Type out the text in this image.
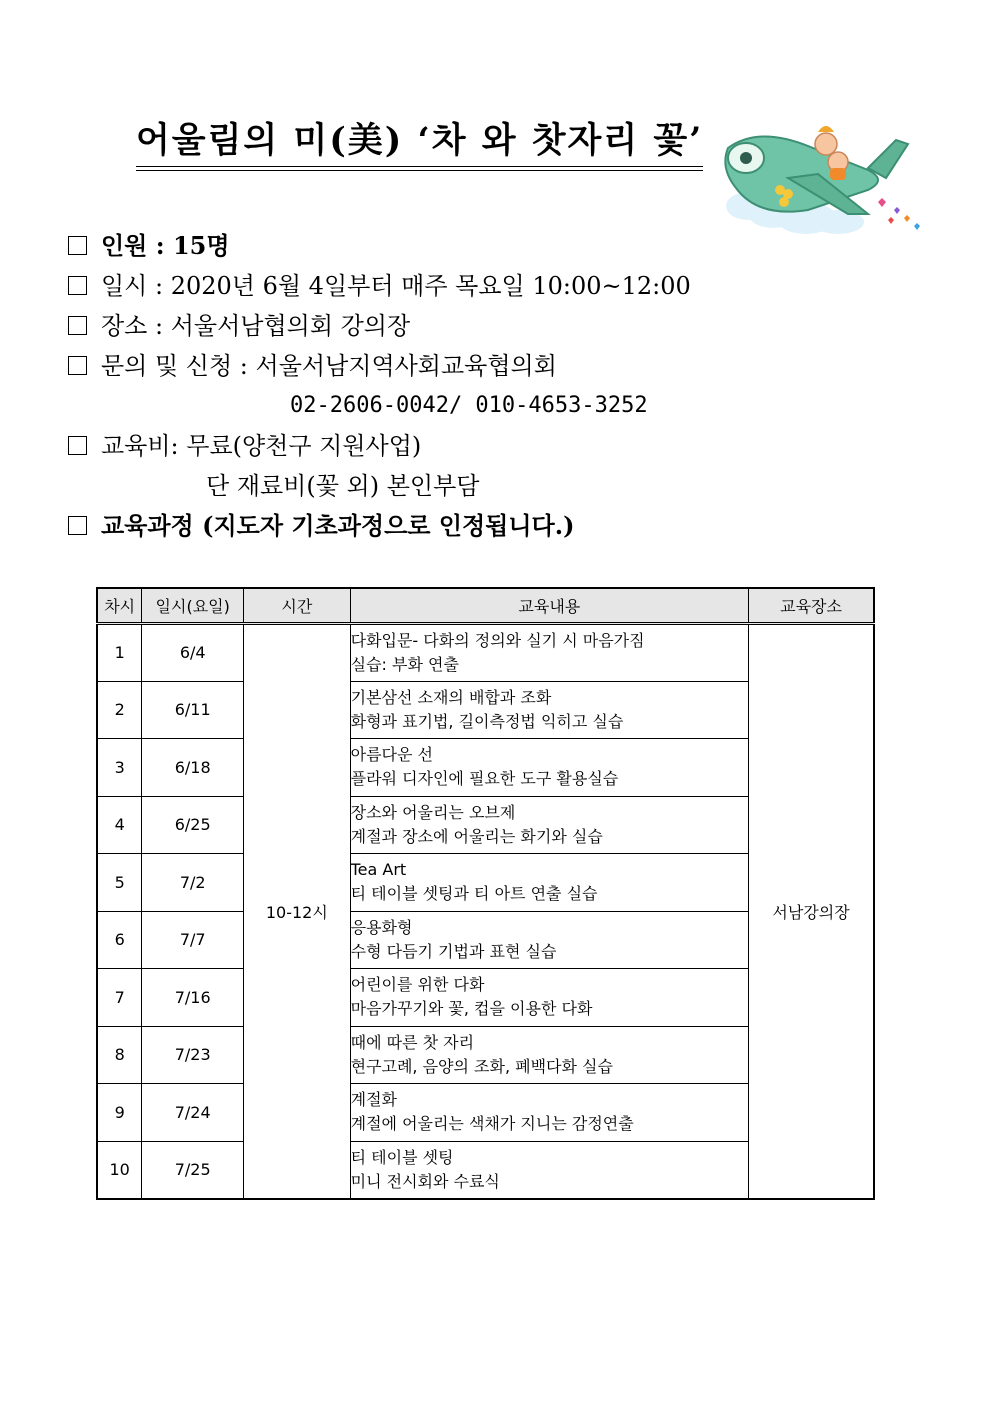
어울림의 미(美) ‘차 와 찻자리 꽃’
인원 : 15명
일시 : 2020년 6월 4일부터 매주 목요일 10:00~12:00
장소 : 서울서남협의회 강의장
문의 및 신청 : 서울서남지역사회교육협의회
02-2606-0042/ 010-4653-3252
교육비: 무료(양천구 지원사업)
단 재료비(꽃 외) 본인부담
교육과정 (지도자 기초과정으로 인정됩니다.)
차시	일시(요일)	시간	교육내용	교육장소
1	6/4	10-12시	다화입문- 다화의 정의와 실기 시 마음가짐
실습: 부화 연출	서남강의장
2	6/11		기본삼선 소재의 배합과 조화
화형과 표기법, 길이측정법 익히고 실습	

3	6/18		아름다운 선
플라워 디자인에 필요한 도구 활용실습	

4	6/25		장소와 어울리는 오브제
계절과 장소에 어울리는 화기와 실습	

5	7/2		Tea Art
티 테이블 셋팅과 티 아트 연출 실습	

6	7/7		응용화형
수형 다듬기 기법과 표현 실습	

7	7/16		어린이를 위한 다화
마음가꾸기와 꽃, 컵을 이용한 다화	

8	7/23		때에 따른 찻 자리
현구고례, 음양의 조화, 폐백다화 실습	

9	7/24		계절화
계절에 어울리는 색채가 지니는 감정연출	

10	7/25		티 테이블 셋팅
미니 전시회와 수료식	
